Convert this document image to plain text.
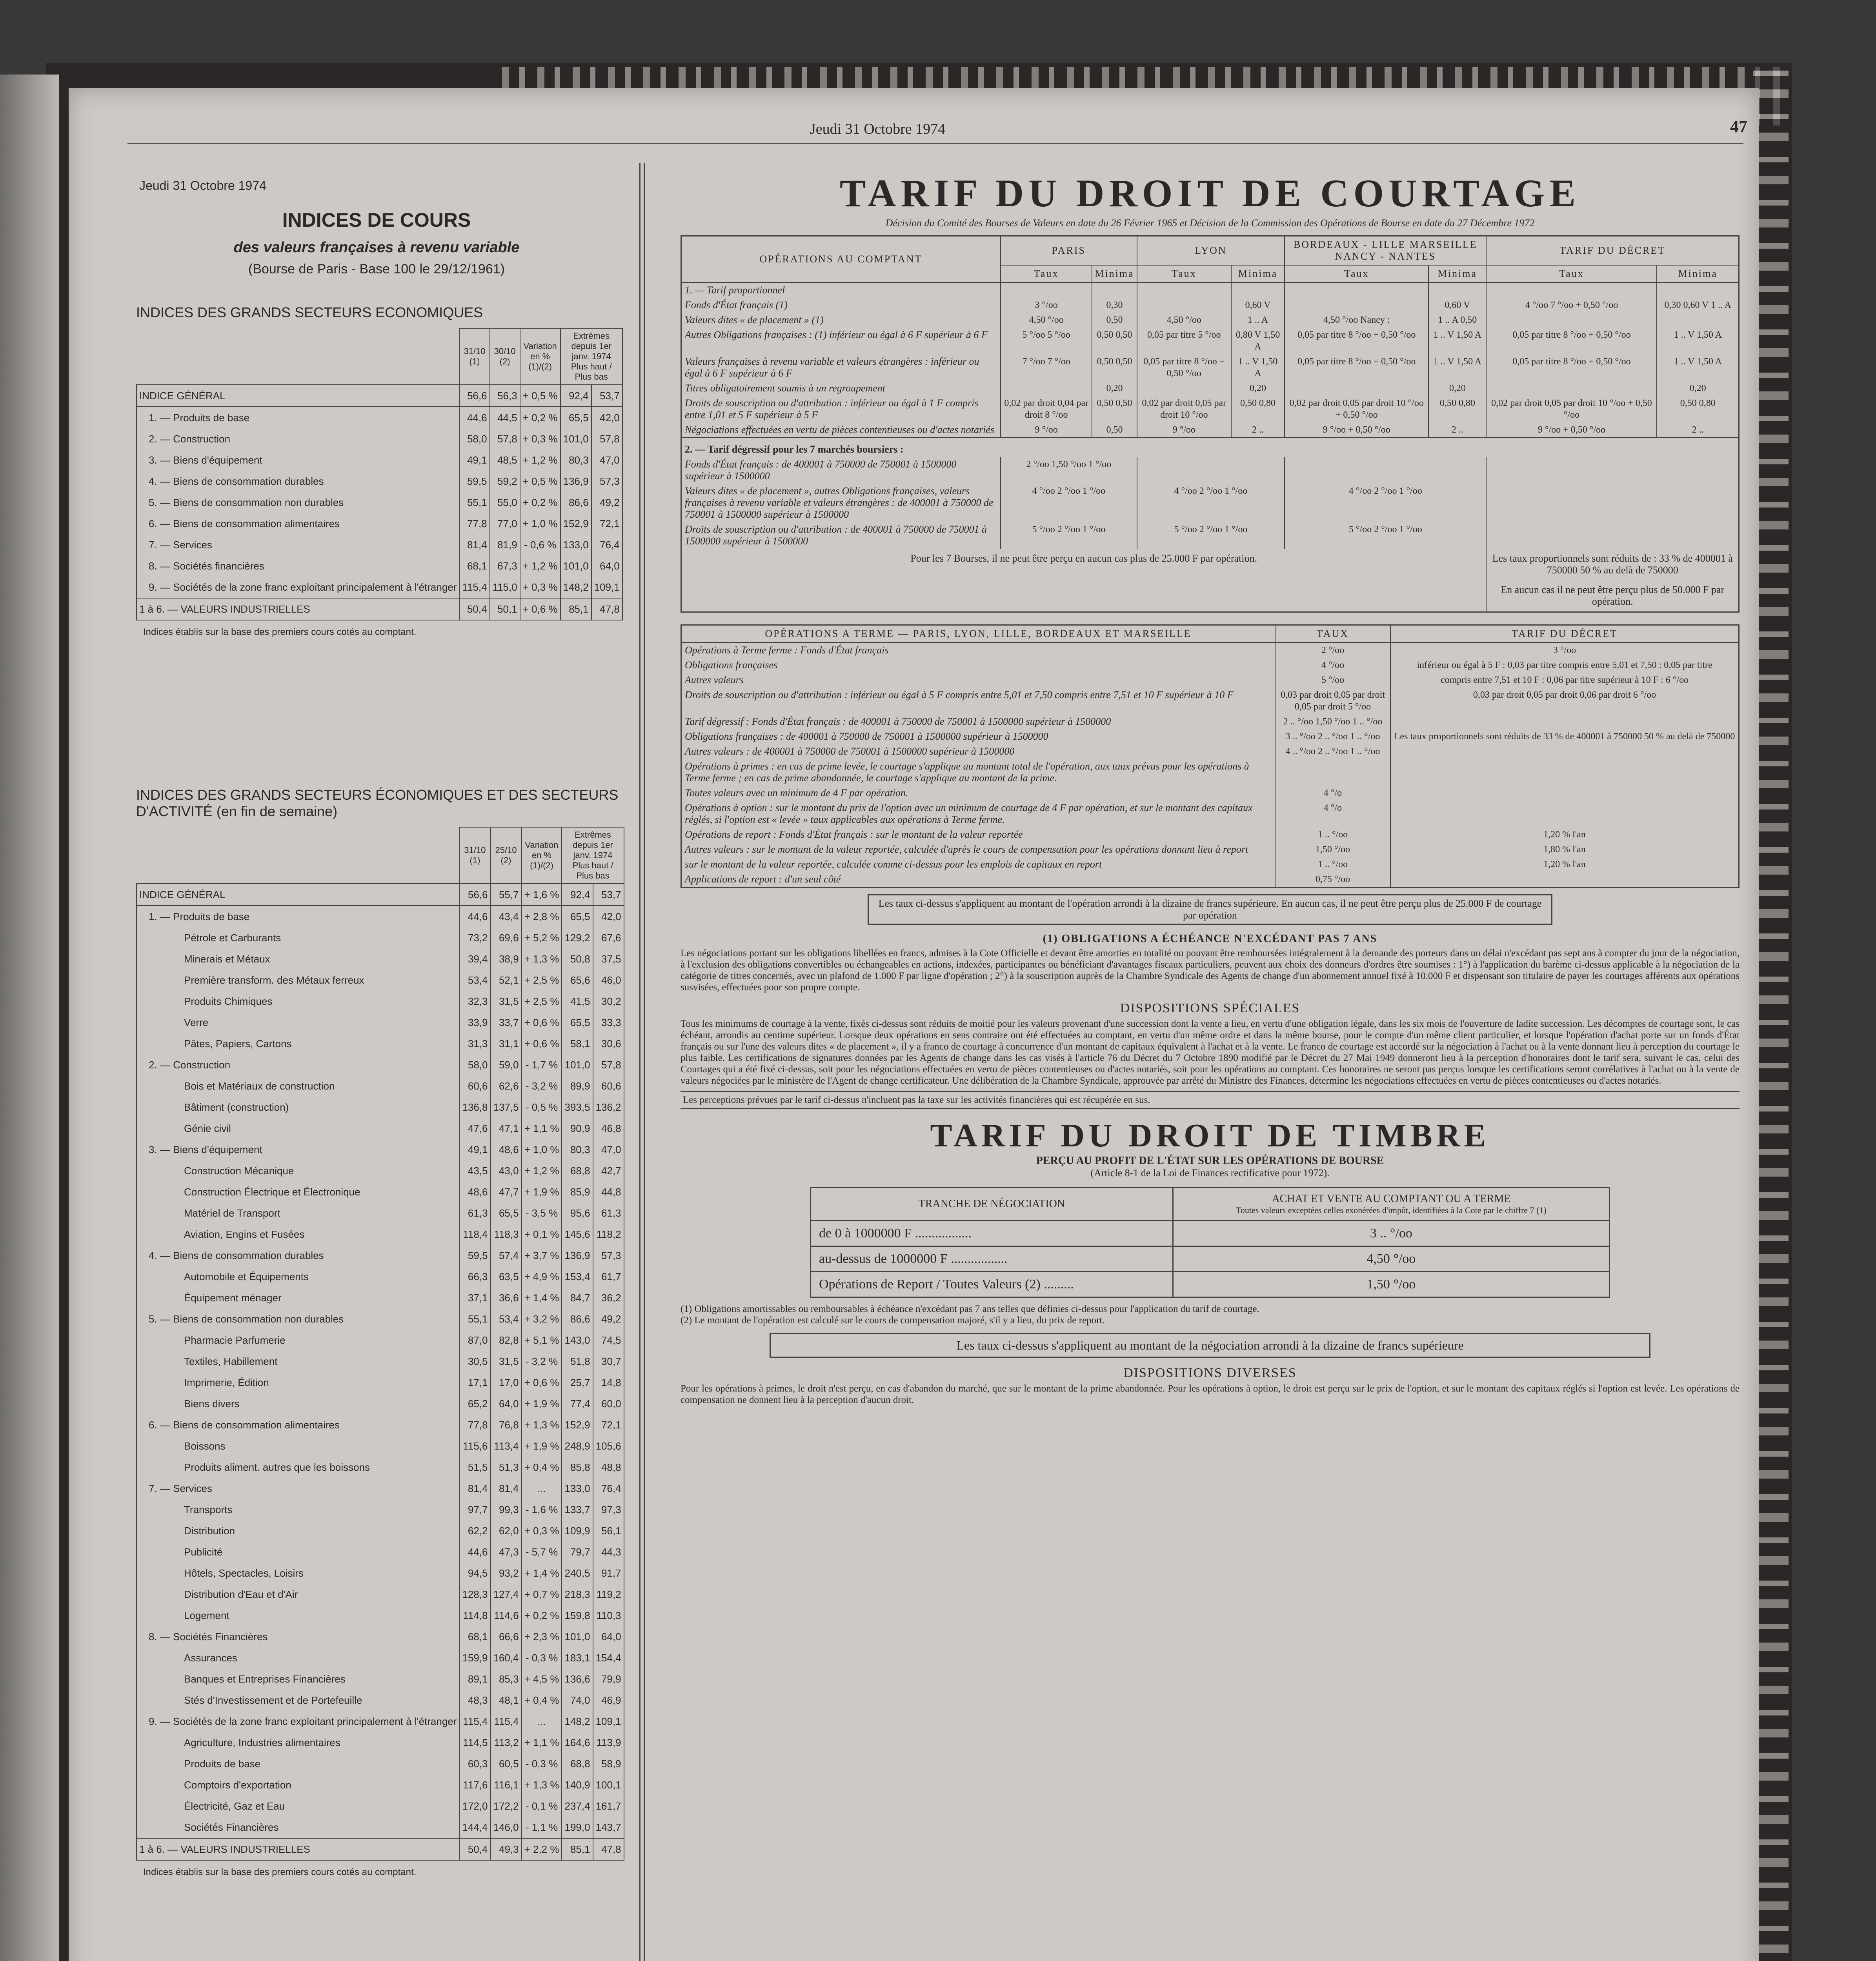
Jeudi 31 Octobre 1974	47
Jeudi 31 Octobre 1974
INDICES DE COURS
des valeurs françaises à revenu variable
(Bourse de Paris - Base 100 le 29/12/1961)
INDICES DES GRANDS SECTEURS ECONOMIQUES
	31/10 (1)	30/10 (2)	Variation en % (1)/(2)	Extrêmes depuis 1er janv. 1974
Plus haut / Plus bas	
INDICE GÉNÉRAL	56,6	56,3	+ 0,5 %	92,4	53,7
1. — Produits de base	44,6	44,5	+ 0,2 %	65,5	42,0
2. — Construction	58,0	57,8	+ 0,3 %	101,0	57,8
3. — Biens d'équipement	49,1	48,5	+ 1,2 %	80,3	47,0
4. — Biens de consommation durables	59,5	59,2	+ 0,5 %	136,9	57,3
5. — Biens de consommation non durables	55,1	55,0	+ 0,2 %	86,6	49,2
6. — Biens de consommation alimentaires	77,8	77,0	+ 1,0 %	152,9	72,1
7. — Services	81,4	81,9	- 0,6 %	133,0	76,4
8. — Sociétés financières	68,1	67,3	+ 1,2 %	101,0	64,0
9. — Sociétés de la zone franc exploitant principalement à l'étranger	115,4	115,0	+ 0,3 %	148,2	109,1
1 à 6. — VALEURS INDUSTRIELLES	50,4	50,1	+ 0,6 %	85,1	47,8
Indices établis sur la base des premiers cours cotés au comptant.
INDICES DES GRANDS SECTEURS ÉCONOMIQUES ET DES SECTEURS D'ACTIVITÉ (en fin de semaine)
	31/10 (1)	25/10 (2)	Variation en % (1)/(2)	Extrêmes depuis 1er janv. 1974
Plus haut / Plus bas	
INDICE GÉNÉRAL	56,6	55,7	+ 1,6 %	92,4	53,7
1. — Produits de base	44,6	43,4	+ 2,8 %	65,5	42,0
Pétrole et Carburants	73,2	69,6	+ 5,2 %	129,2	67,6
Minerais et Métaux	39,4	38,9	+ 1,3 %	50,8	37,5
Première transform. des Métaux ferreux	53,4	52,1	+ 2,5 %	65,6	46,0
Produits Chimiques	32,3	31,5	+ 2,5 %	41,5	30,2
Verre	33,9	33,7	+ 0,6 %	65,5	33,3
Pâtes, Papiers, Cartons	31,3	31,1	+ 0,6 %	58,1	30,6
2. — Construction	58,0	59,0	- 1,7 %	101,0	57,8
Bois et Matériaux de construction	60,6	62,6	- 3,2 %	89,9	60,6
Bâtiment (construction)	136,8	137,5	- 0,5 %	393,5	136,2
Génie civil	47,6	47,1	+ 1,1 %	90,9	46,8
3. — Biens d'équipement	49,1	48,6	+ 1,0 %	80,3	47,0
Construction Mécanique	43,5	43,0	+ 1,2 %	68,8	42,7
Construction Électrique et Électronique	48,6	47,7	+ 1,9 %	85,9	44,8
Matériel de Transport	61,3	65,5	- 3,5 %	95,6	61,3
Aviation, Engins et Fusées	118,4	118,3	+ 0,1 %	145,6	118,2
4. — Biens de consommation durables	59,5	57,4	+ 3,7 %	136,9	57,3
Automobile et Équipements	66,3	63,5	+ 4,9 %	153,4	61,7
Équipement ménager	37,1	36,6	+ 1,4 %	84,7	36,2
5. — Biens de consommation non durables	55,1	53,4	+ 3,2 %	86,6	49,2
Pharmacie Parfumerie	87,0	82,8	+ 5,1 %	143,0	74,5
Textiles, Habillement	30,5	31,5	- 3,2 %	51,8	30,7
Imprimerie, Édition	17,1	17,0	+ 0,6 %	25,7	14,8
Biens divers	65,2	64,0	+ 1,9 %	77,4	60,0
6. — Biens de consommation alimentaires	77,8	76,8	+ 1,3 %	152,9	72,1
Boissons	115,6	113,4	+ 1,9 %	248,9	105,6
Produits aliment. autres que les boissons	51,5	51,3	+ 0,4 %	85,8	48,8
7. — Services	81,4	81,4	...	133,0	76,4
Transports	97,7	99,3	- 1,6 %	133,7	97,3
Distribution	62,2	62,0	+ 0,3 %	109,9	56,1
Publicité	44,6	47,3	- 5,7 %	79,7	44,3
Hôtels, Spectacles, Loisirs	94,5	93,2	+ 1,4 %	240,5	91,7
Distribution d'Eau et d'Air	128,3	127,4	+ 0,7 %	218,3	119,2
Logement	114,8	114,6	+ 0,2 %	159,8	110,3
8. — Sociétés Financières	68,1	66,6	+ 2,3 %	101,0	64,0
Assurances	159,9	160,4	- 0,3 %	183,1	154,4
Banques et Entreprises Financières	89,1	85,3	+ 4,5 %	136,6	79,9
Stés d'Investissement et de Portefeuille	48,3	48,1	+ 0,4 %	74,0	46,9
9. — Sociétés de la zone franc exploitant principalement à l'étranger	115,4	115,4	...	148,2	109,1
Agriculture, Industries alimentaires	114,5	113,2	+ 1,1 %	164,6	113,9
Produits de base	60,3	60,5	- 0,3 %	68,8	58,9
Comptoirs d'exportation	117,6	116,1	+ 1,3 %	140,9	100,1
Électricité, Gaz et Eau	172,0	172,2	- 0,1 %	237,4	161,7
Sociétés Financières	144,4	146,0	- 1,1 %	199,0	143,7
1 à 6. — VALEURS INDUSTRIELLES	50,4	49,3	+ 2,2 %	85,1	47,8
Indices établis sur la base des premiers cours cotés au comptant.
TARIF DU DROIT DE COURTAGE
Décision du Comité des Bourses de Valeurs en date du 26 Février 1965 et Décision de la Commission des Opérations de Bourse en date du 27 Décembre 1972
OPÉRATIONS AU COMPTANT	PARIS		LYON		BORDEAUX - LILLE MARSEILLE NANCY - NANTES		TARIF DU DÉCRET	
	Taux	Minima	Taux	Minima	Taux	Minima	Taux	Minima
1. — Tarif proportionnel								
Fonds d'État français (1)	3 °/oo	0,30		0,60 V		0,60 V	4 °/oo 7 °/oo + 0,50 °/oo	0,30 0,60 V 1 .. A
Valeurs dites « de placement » (1)	4,50 °/oo	0,50	4,50 °/oo	1 .. A	4,50 °/oo Nancy :	1 .. A 0,50		
Autres Obligations françaises : (1) inférieur ou égal à 6 F supérieur à 6 F	5 °/oo 5 °/oo	0,50 0,50	0,05 par titre 5 °/oo	0,80 V 1,50 A	0,05 par titre 8 °/oo + 0,50 °/oo	1 .. V 1,50 A	0,05 par titre 8 °/oo + 0,50 °/oo	1 .. V 1,50 A
Valeurs françaises à revenu variable et valeurs étrangères : inférieur ou égal à 6 F supérieur à 6 F	7 °/oo 7 °/oo	0,50 0,50	0,05 par titre 8 °/oo + 0,50 °/oo	1 .. V 1,50 A	0,05 par titre 8 °/oo + 0,50 °/oo	1 .. V 1,50 A	0,05 par titre 8 °/oo + 0,50 °/oo	1 .. V 1,50 A
Titres obligatoirement soumis à un regroupement		0,20		0,20		0,20		0,20
Droits de souscription ou d'attribution : inférieur ou égal à 1 F compris entre 1,01 et 5 F supérieur à 5 F	0,02 par droit 0,04 par droit 8 °/oo	0,50 0,50	0,02 par droit 0,05 par droit 10 °/oo	0,50 0,80	0,02 par droit 0,05 par droit 10 °/oo + 0,50 °/oo	0,50 0,80	0,02 par droit 0,05 par droit 10 °/oo + 0,50 °/oo	0,50 0,80
Négociations effectuées en vertu de pièces contentieuses ou d'actes notariés	9 °/oo	0,50	9 °/oo	2 ..	9 °/oo + 0,50 °/oo	2 ..	9 °/oo + 0,50 °/oo	2 ..
2. — Tarif dégressif pour les 7 marchés boursiers :								
Fonds d'État français : de 400001 à 750000 de 750001 à 1500000 supérieur à 1500000	2 °/oo 1,50 °/oo 1 °/oo							
Valeurs dites « de placement », autres Obligations françaises, valeurs françaises à revenu variable et valeurs étrangères : de 400001 à 750000 de 750001 à 1500000 supérieur à 1500000	4 °/oo 2 °/oo 1 °/oo		4 °/oo 2 °/oo 1 °/oo		4 °/oo 2 °/oo 1 °/oo			
Droits de souscription ou d'attribution : de 400001 à 750000 de 750001 à 1500000 supérieur à 1500000	5 °/oo 2 °/oo 1 °/oo		5 °/oo 2 °/oo 1 °/oo		5 °/oo 2 °/oo 1 °/oo			
Pour les 7 Bourses, il ne peut être perçu en aucun cas plus de 25.000 F par opération.							Les taux proportionnels sont réduits de : 33 % de 400001 à 750000 50 % au delà de 750000
En aucun cas il ne peut être perçu plus de 50.000 F par opération.	
OPÉRATIONS A TERME — PARIS, LYON, LILLE, BORDEAUX ET MARSEILLE	TAUX	TARIF DU DÉCRET
Opérations à Terme ferme : Fonds d'État français	2 °/oo	3 °/oo
Obligations françaises	4 °/oo	inférieur ou égal à 5 F : 0,03 par titre compris entre 5,01 et 7,50 : 0,05 par titre
Autres valeurs	5 °/oo	compris entre 7,51 et 10 F : 0,06 par titre supérieur à 10 F : 6 °/oo
Droits de souscription ou d'attribution : inférieur ou égal à 5 F compris entre 5,01 et 7,50 compris entre 7,51 et 10 F supérieur à 10 F	0,03 par droit 0,05 par droit 0,05 par droit 5 °/oo	0,03 par droit 0,05 par droit 0,06 par droit 6 °/oo
Tarif dégressif : Fonds d'État français : de 400001 à 750000 de 750001 à 1500000 supérieur à 1500000	2 .. °/oo 1,50 °/oo 1 .. °/oo	
Obligations françaises : de 400001 à 750000 de 750001 à 1500000 supérieur à 1500000	3 .. °/oo 2 .. °/oo 1 .. °/oo	Les taux proportionnels sont réduits de 33 % de 400001 à 750000 50 % au delà de 750000
Autres valeurs : de 400001 à 750000 de 750001 à 1500000 supérieur à 1500000	4 .. °/oo 2 .. °/oo 1 .. °/oo	
Opérations à primes : en cas de prime levée, le courtage s'applique au montant total de l'opération, aux taux prévus pour les opérations à Terme ferme ; en cas de prime abandonnée, le courtage s'applique au montant de la prime.		
Toutes valeurs avec un minimum de 4 F par opération.	4 °/o	
Opérations à option : sur le montant du prix de l'option avec un minimum de courtage de 4 F par opération, et sur le montant des capitaux réglés, si l'option est « levée » taux applicables aux opérations à Terme ferme.	4 °/o	
Opérations de report : Fonds d'État français : sur le montant de la valeur reportée	1 .. °/oo	1,20 % l'an
Autres valeurs : sur le montant de la valeur reportée, calculée d'après le cours de compensation pour les opérations donnant lieu à report	1,50 °/oo	1,80 % l'an
sur le montant de la valeur reportée, calculée comme ci-dessus pour les emplois de capitaux en report	1 .. °/oo	1,20 % l'an
Applications de report : d'un seul côté	0,75 °/oo	
Les taux ci-dessus s'appliquent au montant de l'opération arrondi à la dizaine de francs supérieure. En aucun cas, il ne peut être perçu plus de 25.000 F de courtage par opération
(1) OBLIGATIONS A ÉCHÉANCE N'EXCÉDANT PAS 7 ANS
Les négociations portant sur les obligations libellées en francs, admises à la Cote Officielle et devant être amorties en totalité ou pouvant être remboursées intégralement à la demande des porteurs dans un délai n'excédant pas sept ans à compter du jour de la négociation, à l'exclusion des obligations convertibles ou échangeables en actions, indexées, participantes ou bénéficiant d'avantages fiscaux particuliers, peuvent aux choix des donneurs d'ordres être soumises : 1°) à l'application du barème ci-dessus applicable à la négociation de la catégorie de titres concernés, avec un plafond de 1.000 F par ligne d'opération ; 2°) à la souscription auprès de la Chambre Syndicale des Agents de change d'un abonnement annuel fixé à 10.000 F et dispensant son titulaire de payer les courtages afférents aux opérations susvisées, effectuées pour son propre compte.
DISPOSITIONS SPÉCIALES
Tous les minimums de courtage à la vente, fixés ci-dessus sont réduits de moitié pour les valeurs provenant d'une succession dont la vente a lieu, en vertu d'une obligation légale, dans les six mois de l'ouverture de ladite succession. Les décomptes de courtage sont, le cas échéant, arrondis au centime supérieur. Lorsque deux opérations en sens contraire ont été effectuées au comptant, en vertu d'un même ordre et dans la même bourse, pour le compte d'un même client particulier, et lorsque l'opération d'achat porte sur un fonds d'État français ou sur l'une des valeurs dites « de placement », il y a franco de courtage à concurrence d'un montant de capitaux équivalent à l'achat et à la vente. Le franco de courtage est accordé sur la négociation à l'achat ou à la vente donnant lieu à perception du courtage le plus faible. Les certifications de signatures données par les Agents de change dans les cas visés à l'article 76 du Décret du 7 Octobre 1890 modifié par le Décret du 27 Mai 1949 donneront lieu à la perception d'honoraires dont le tarif sera, suivant le cas, celui des Courtages qui a été fixé ci-dessus, soit pour les négociations effectuées en vertu de pièces contentieuses ou d'actes notariés, soit pour les opérations au comptant. Ces honoraires ne seront pas perçus lorsque les certifications seront corrélatives à l'achat ou à la vente de valeurs négociées par le ministère de l'Agent de change certificateur. Une délibération de la Chambre Syndicale, approuvée par arrêté du Ministre des Finances, détermine les négociations effectuées en vertu de pièces contentieuses ou d'actes notariés.
Les perceptions prévues par le tarif ci-dessus n'incluent pas la taxe sur les activités financières qui est récupérée en sus.
TARIF DU DROIT DE TIMBRE
PERÇU AU PROFIT DE L'ÉTAT SUR LES OPÉRATIONS DE BOURSE
(Article 8-1 de la Loi de Finances rectificative pour 1972).
TRANCHE DE NÉGOCIATION	ACHAT ET VENTE AU COMPTANT OU A TERME
Toutes valeurs exceptées celles exonérées d'impôt, identifiées à la Cote par le chiffre 7 (1)

de 0 à 1000000 F .................	3 .. °/oo
au-dessus de 1000000 F .................	4,50 °/oo
Opérations de Report / Toutes Valeurs (2) .........	1,50 °/oo
(1) Obligations amortissables ou remboursables à échéance n'excédant pas 7 ans telles que définies ci-dessus pour l'application du tarif de courtage.
(2) Le montant de l'opération est calculé sur le cours de compensation majoré, s'il y a lieu, du prix de report.
Les taux ci-dessus s'appliquent au montant de la négociation arrondi à la dizaine de francs supérieure
DISPOSITIONS DIVERSES
Pour les opérations à primes, le droit n'est perçu, en cas d'abandon du marché, que sur le montant de la prime abandonnée. Pour les opérations à option, le droit est perçu sur le prix de l'option, et sur le montant des capitaux réglés si l'option est levée. Les opérations de compensation ne donnent lieu à la perception d'aucun droit.
